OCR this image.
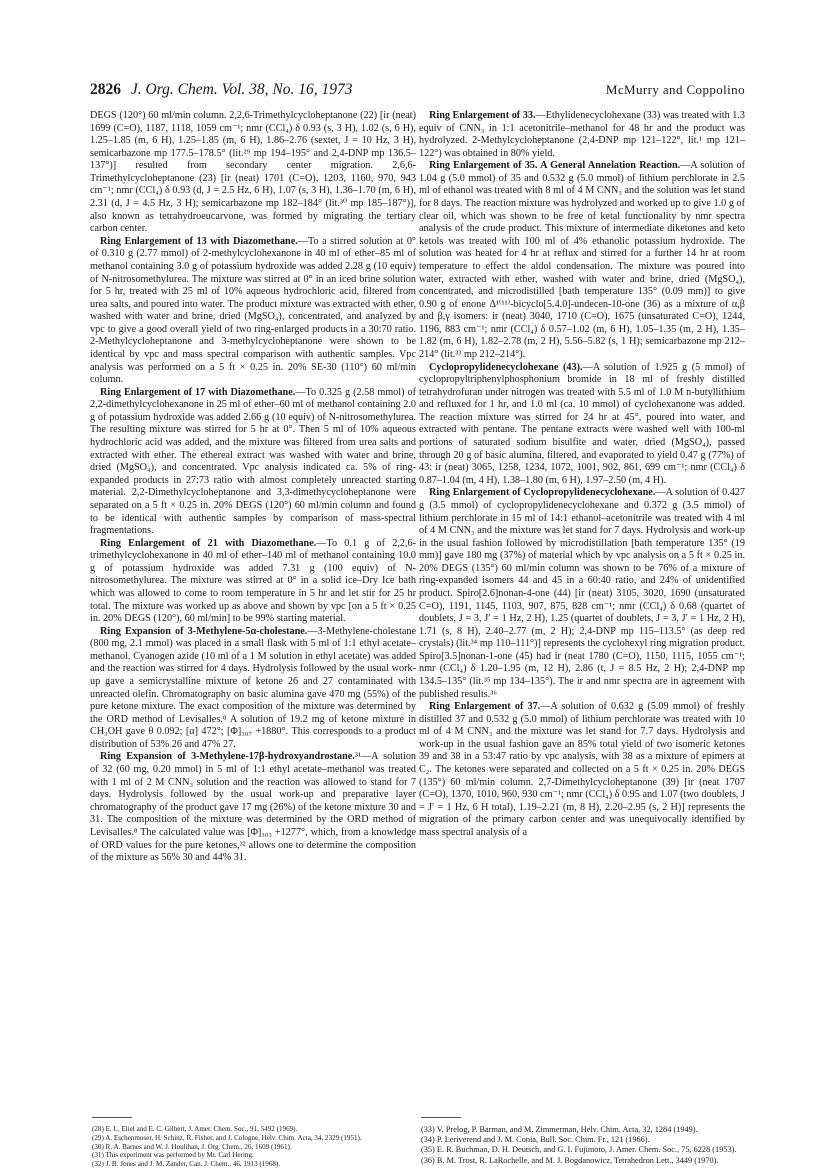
2826 J. Org. Chem. Vol. 38, No. 16, 1973	McMurry and Coppolino

DEGS (120°) 60 ml/min column. 2,2,6-Trimethylcycloheptanone (22) [ir (neat) 1699 (C=O), 1187, 1118, 1059 cm⁻¹; nmr (CCl₄) δ 0.93 (s, 3 H), 1.02 (s, 6 H), 1.25–1.85 (m, 6 H), 1.25–1.85 (m, 6 H), 1.86–2.76 (sextet, J = 10 Hz, 3 H), semicarbazone mp 177.5–178.5° (lit.²⁹ mp 194–195° and 2,4-DNP mp 136.5–137°)] resulted from secondary center migration. 2,6,6-Trimethylcycloheptanone (23) [ir (neat) 1701 (C=O), 1203, 1160, 970, 943 cm⁻¹; nmr (CCl₄) δ 0.93 (d, J = 2.5 Hz, 6 H), 1.07 (s, 3 H), 1.36–1.70 (m, 6 H), 2.31 (d, J = 4.5 Hz, 3 H); semicarbazone mp 182–184° (lit.³⁰ mp 185–187°)], also known as tetrahydroeucarvone, was formed by migrating the tertiary carbon center.

Ring Enlargement of 13 with Diazomethane.—To a stirred solution at 0° of 0.310 g (2.77 mmol) of 2-methylcyclohexanone in 40 ml of ether–85 ml of methanol containing 3.0 g of potassium hydroxide was added 2.28 g (10 equiv) of N-nitrosomethylurea. The mixture was stirred at 0° in an iced brine solution for 5 hr, treated with 25 ml of 10% aqueous hydrochloric acid, filtered from urea salts, and poured into water. The product mixture was extracted with ether, washed with water and brine, dried (MgSO₄), concentrated, and analyzed by vpc to give a good overall yield of two ring-enlarged products in a 30:70 ratio. 2-Methylcycloheptanone and 3-methylcycloheptanone were shown to be identical by vpc and mass spectral comparison with authentic samples. Vpc analysis was performed on a 5 ft × 0.25 in. 20% SE-30 (110°) 60 ml/min column.

Ring Enlargement of 17 with Diazomethane.—To 0.325 g (2.58 mmol) of 2,2-dimethylcyclohexanone in 25 ml of ether–60 ml of methanol containing 2.0 g of potassium hydroxide was added 2.66 g (10 equiv) of N-nitrosomethylurea. The resulting mixture was stirred for 5 hr at 0°. Then 5 ml of 10% aqueous hydrochloric acid was added, and the mixture was filtered from urea salts and extracted with ether. The ethereal extract was washed with water and brine, dried (MgSO₄), and concentrated. Vpc analysis indicated ca. 5% of ring-expanded products in 27:73 ratio with almost completely unreacted starting material. 2,2-Dimethylcycloheptanone and 3,3-dimethycycloheptanone were separated on a 5 ft × 0.25 in. 20% DEGS (120°) 60 ml/min column and found to be identical with authentic samples by comparison of mass-spectral fragmentations.

Ring Enlargement of 21 with Diazomethane.—To 0.1 g of 2,2,6-trimethylcyclohexanone in 40 ml of ether–140 ml of methanol containing 10.0 g of potassium hydroxide was added 7.31 g (100 equiv) of N-nitrosomethylurea. The mixture was stirred at 0° in a solid ice–Dry Ice bath which was allowed to come to room temperature in 5 hr and let stir for 25 hr total. The mixture was worked up as above and shown by vpc [on a 5 ft × 0.25 in. 20% DEGS (120°), 60 ml/min] to be 99% starting material.

Ring Expansion of 3-Methylene-5α-cholestane.—3-Methylene-cholestane (800 mg, 2.1 mmol) was placed in a small flask with 5 ml of 1:1 ethyl acetate–methanol. Cyanogen azide (10 ml of a 1 M solution in ethyl acetate) was added and the reaction was stirred for 4 days. Hydrolysis followed by the usual work-up gave a semicrystalline mixture of ketone 26 and 27 contaminated with unreacted olefin. Chromatography on basic alumina gave 470 mg (55%) of the pure ketone mixture. The exact composition of the mixture was determined by the ORD method of Levisalles.⁸ A solution of 19.2 mg of ketone mixture in CH₃OH gave θ 0.092; [α] 472°; [Φ]₃₀₇ +1880°. This corresponds to a product distribution of 53% 26 and 47% 27.

Ring Expansion of 3-Methylene-17β-hydroxyandrostane.³¹—A solution of 32 (60 mg, 0.20 mmol) in 5 ml of 1:1 ethyl acetate–methanol was treated with 1 ml of 2 M CNN₃ solution and the reaction was allowed to stand for 7 days. Hydrolysis followed by the usual work-up and preparative layer chromatography of the product gave 17 mg (26%) of the ketone mixture 30 and 31. The composition of the mixture was determined by the ORD method of Levisalles.⁸ The calculated value was [Φ]₃₀₃ +1277°, which, from a knowledge of ORD values for the pure ketones,³² allows one to determine the composition of the mixture as 56% 30 and 44% 31.

Ring Enlargement of 33.—Ethylidenecyclohexane (33) was treated with 1.3 equiv of CNN₃ in 1:1 acetonitrile–methanol for 48 hr and the product was hydrolyzed. 2-Methylcycloheptanone (2,4-DNP mp 121–122°, lit.¹ mp 121–122°) was obtained in 80% yield.

Ring Enlargement of 35. A General Annelation Reaction.—A solution of 1.04 g (5.0 mmol) of 35 and 0.532 g (5.0 mmol) of lithium perchlorate in 2.5 ml of ethanol was treated with 8 ml of 4 M CNN₃ and the solution was let stand for 8 days. The reaction mixture was hydrolyzed and worked up to give 1.0 g of clear oil, which was shown to be free of ketal functionality by nmr spectra analysis of the crude product. This mixture of intermediate diketones and keto ketols was treated with 100 ml of 4% ethanolic potassium hydroxide. The solution was heated for 4 hr at reflux and stirred for a further 14 hr at room temperature to effect the aldol condensation. The mixture was poured into water, extracted with ether, washed with water and brine, dried (MgSO₄), concentrated, and microdistilled [bath temperature 135° (0.09 mm)] to give 0.90 g of enone Δ¹⁽¹¹⁾-bicyclo[5.4.0]-undecen-10-one (36) as a mixture of α,β and β,γ isomers: ir (neat) 3040, 1710 (C=O), 1675 (unsaturated C=O), 1244, 1196, 883 cm⁻¹; nmr (CCl₄) δ 0.57–1.02 (m, 6 H), 1.05–1.35 (m, 2 H), 1.35–1.82 (m, 6 H), 1.82–2.78 (m, 2 H), 5.56–5.82 (s, 1 H); semicarbazone mp 212–214° (lit.³³ mp 212–214°).

Cyclopropylidenecyclohexane (43).—A solution of 1.925 g (5 mmol) of cyclopropyltriphenylphosphonium bromide in 18 ml of freshly distilled tetrahydrofuran under nitrogen was treated with 5.5 ml of 1.0 M n-butyllithium and refluxed for 1 hr, and 1.0 ml (ca. 10 mmol) of cyclohexanone was added. The reaction mixture was stirred for 24 hr at 45°, poured into water, and extracted with pentane. The pentane extracts were washed well with 100-ml portions of saturated sodium bisulfite and water, dried (MgSO₄), passed through 20 g of basic alumina, filtered, and evaporated to yield 0.47 g (77%) of 43: ir (neat) 3065, 1258, 1234, 1072, 1001, 902, 861, 699 cm⁻¹; nmr (CCl₄) δ 0.87–1.04 (m, 4 H), 1.38–1.80 (m, 6 H), 1.97–2.50 (m, 4 H).

Ring Enlargement of Cyclopropylidenecyclohexane.—A solution of 0.427 g (3.5 mmol) of cyclopropylidenecyclohexane and 0.372 g (3.5 mmol) of lithium perchlorate in 15 ml of 14:1 ethanol–acetonitrile was treated with 4 ml of 4 M CNN₃ and the mixture was let stand for 7 days. Hydrolysis and work-up in the usual fashion followed by microdistillation [bath temperature 135° (19 mm)] gave 180 mg (37%) of material which by vpc analysis on a 5 ft × 0.25 in. 20% DEGS (135°) 60 ml/min column was shown to be 76% of a mixture of ring-expanded isomers 44 and 45 in a 60:40 ratio, and 24% of unidentified product. Spiro[2.6]nonan-4-one (44) [ir (neat) 3105, 3020, 1690 (unsaturated C=O), 1191, 1145, 1103, 907, 875, 828 cm⁻¹; nmr (CCl₄) δ 0.68 (quartet of doublets, J = 3, J′ = 1 Hz, 2 H), 1.25 (quartet of doublets, J = 3, J′ = 1 Hz, 2 H), 1.71 (s, 8 H), 2.40–2.77 (m, 2 H); 2,4-DNP mp 115–113.5° (as deep red crystals) (lit.³⁴ mp 110–111°)] represents the cyclohexyl ring migration product. Spiro[3.5]nonan-1-one (45) had ir (neat 1780 (C=O), 1150, 1115, 1055 cm⁻¹; nmr (CCl₄) δ 1.20–1.95 (m, 12 H), 2.86 (t, J = 8.5 Hz, 2 H); 2,4-DNP mp 134.5–135° (lit.³⁵ mp 134–135°). The ir and nmr spectra are in agreement with published results.³⁶

Ring Enlargement of 37.—A solution of 0.632 g (5.09 mmol) of freshly distilled 37 and 0.532 g (5.0 mmol) of lithium perchlorate was treated with 10 ml of 4 M CNN₃ and the mixture was let stand for 7.7 days. Hydrolysis and work-up in the usual fashion gave an 85% total yield of two isomeric ketones 39 and 38 in a 53:47 ratio by vpc analysis, with 38 as a mixture of epimers at C₂. The ketones were separated and collected on a 5 ft × 0.25 in. 20% DEGS (135°) 60 ml/min column. 2,7-Dimethylcycloheptanone (39) [ir (neat 1707 (C=O), 1370, 1010, 960, 930 cm⁻¹; nmr (CCl₄) δ 0.95 and 1.07 (two doublets, J = J′ = 1 Hz, 6 H total), 1.19–2.21 (m, 8 H), 2.20–2.95 (s, 2 H)] represents the migration of the primary carbon center and was unequivocally identified by mass spectral analysis of a

(28) E. L. Eliel and E. C. Gilbert, J. Amer. Chem. Soc., 91, 5492 (1969).

(29) A. Eschenmoser, H. Schinz, R. Fisher, and J. Cologne, Helv. Chim. Acta, 34, 2329 (1951).

(30) R. A. Barnes and W. J. Houlihan, J. Org. Chem., 26, 1609 (1961).

(31) This experiment was performed by Mr. Carl Hering.

(32) J. B. Jones and J. M. Zander, Can. J. Chem., 46, 1913 (1968).

(33) V. Prelog, P. Barman, and M. Zimmerman, Helv. Chim. Acta, 32, 1284 (1949).

(34) P. Leriverend and J. M. Conia, Bull. Soc. Chim. Fr., 121 (1966).

(35) E. R. Buchman, D. H. Deutsch, and G. I. Fujimoto, J. Amer. Chem. Soc., 75, 6228 (1953).

(36) B. M. Trost, R. LaRochelle, and M. J. Bogdanowicz, Tetrahedron Lett., 3449 (1970).
